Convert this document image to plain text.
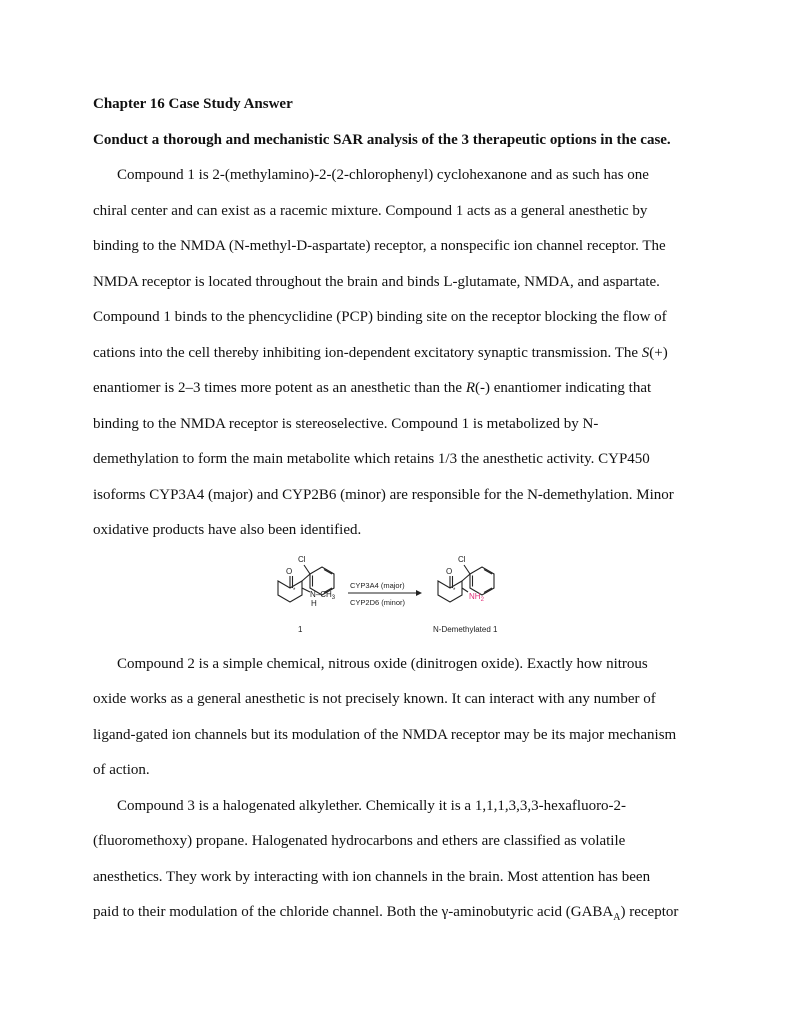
Chapter 16 Case Study Answer
Conduct a thorough and mechanistic SAR analysis of the 3 therapeutic options in the case.
Compound 1 is 2-(methylamino)-2-(2-chlorophenyl) cyclohexanone and as such has one
chiral center and can exist as a racemic mixture. Compound 1 acts as a general anesthetic by
binding to the NMDA (N-methyl-D-aspartate) receptor, a nonspecific ion channel receptor. The
NMDA receptor is located throughout the brain and binds L-glutamate, NMDA, and aspartate.
Compound 1 binds to the phencyclidine (PCP) binding site on the receptor blocking the flow of
cations into the cell thereby inhibiting ion-dependent excitatory synaptic transmission. The S(+)
enantiomer is 2–3 times more potent as an anesthetic than the R(-) enantiomer indicating that
binding to the NMDA receptor is stereoselective. Compound 1 is metabolized by N-
demethylation to form the main metabolite which retains 1/3 the anesthetic activity. CYP450
isoforms CYP3A4 (major) and CYP2B6 (minor) are responsible for the N-demethylation. Minor
oxidative products have also been identified.
Cl
O
* $N-CH_3$
H
1
CYP3A4 (major)
CYP2D6 (minor)
Cl
O
*
$NH_2$
N-Demethylated 1
Compound 2 is a simple chemical, nitrous oxide (dinitrogen oxide). Exactly how nitrous
oxide works as a general anesthetic is not precisely known. It can interact with any number of
ligand-gated ion channels but its modulation of the NMDA receptor may be its major mechanism
of action.
Compound 3 is a halogenated alkylether. Chemically it is a 1,1,1,3,3,3-hexafluoro-2-
(fluoromethoxy) propane. Halogenated hydrocarbons and ethers are classified as volatile
anesthetics. They work by interacting with ion channels in the brain. Most attention has been
paid to their modulation of the chloride channel. Both the γ-aminobutyric acid $(GABA_A)$ receptor
